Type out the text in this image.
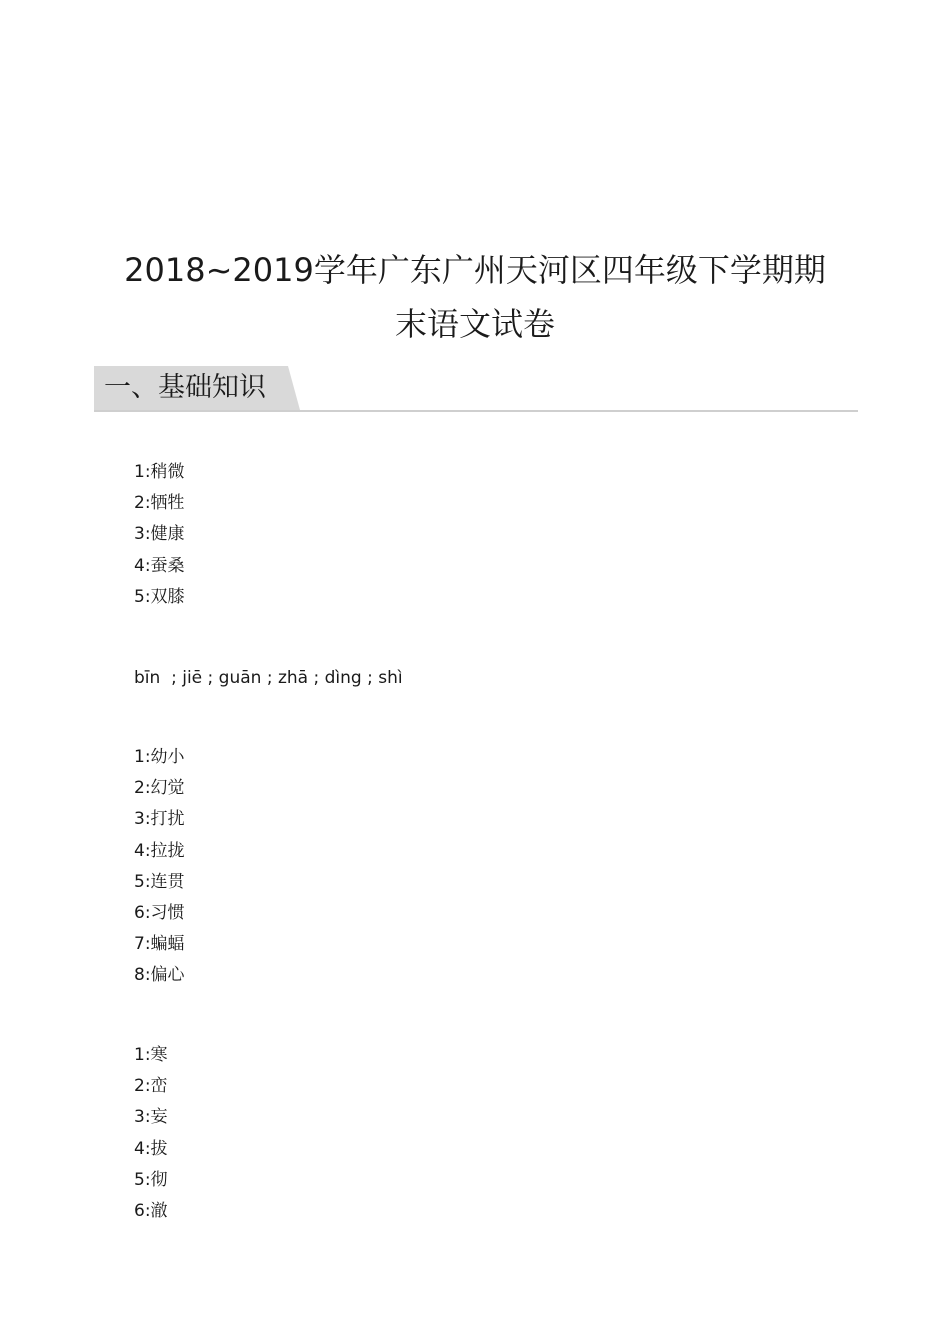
2018~2019学年广东广州天河区四年级下学期期
末语文试卷
一、基础知识
1:稍微
2:牺牲
3:健康
4:蚕桑
5:双膝
bīn  ; jiē ; guān ; zhā ; dìng ; shì
1:幼小
2:幻觉
3:打扰
4:拉拢
5:连贯
6:习惯
7:蝙蝠
8:偏心
1:寒
2:峦
3:妄
4:拔
5:彻
6:澈
